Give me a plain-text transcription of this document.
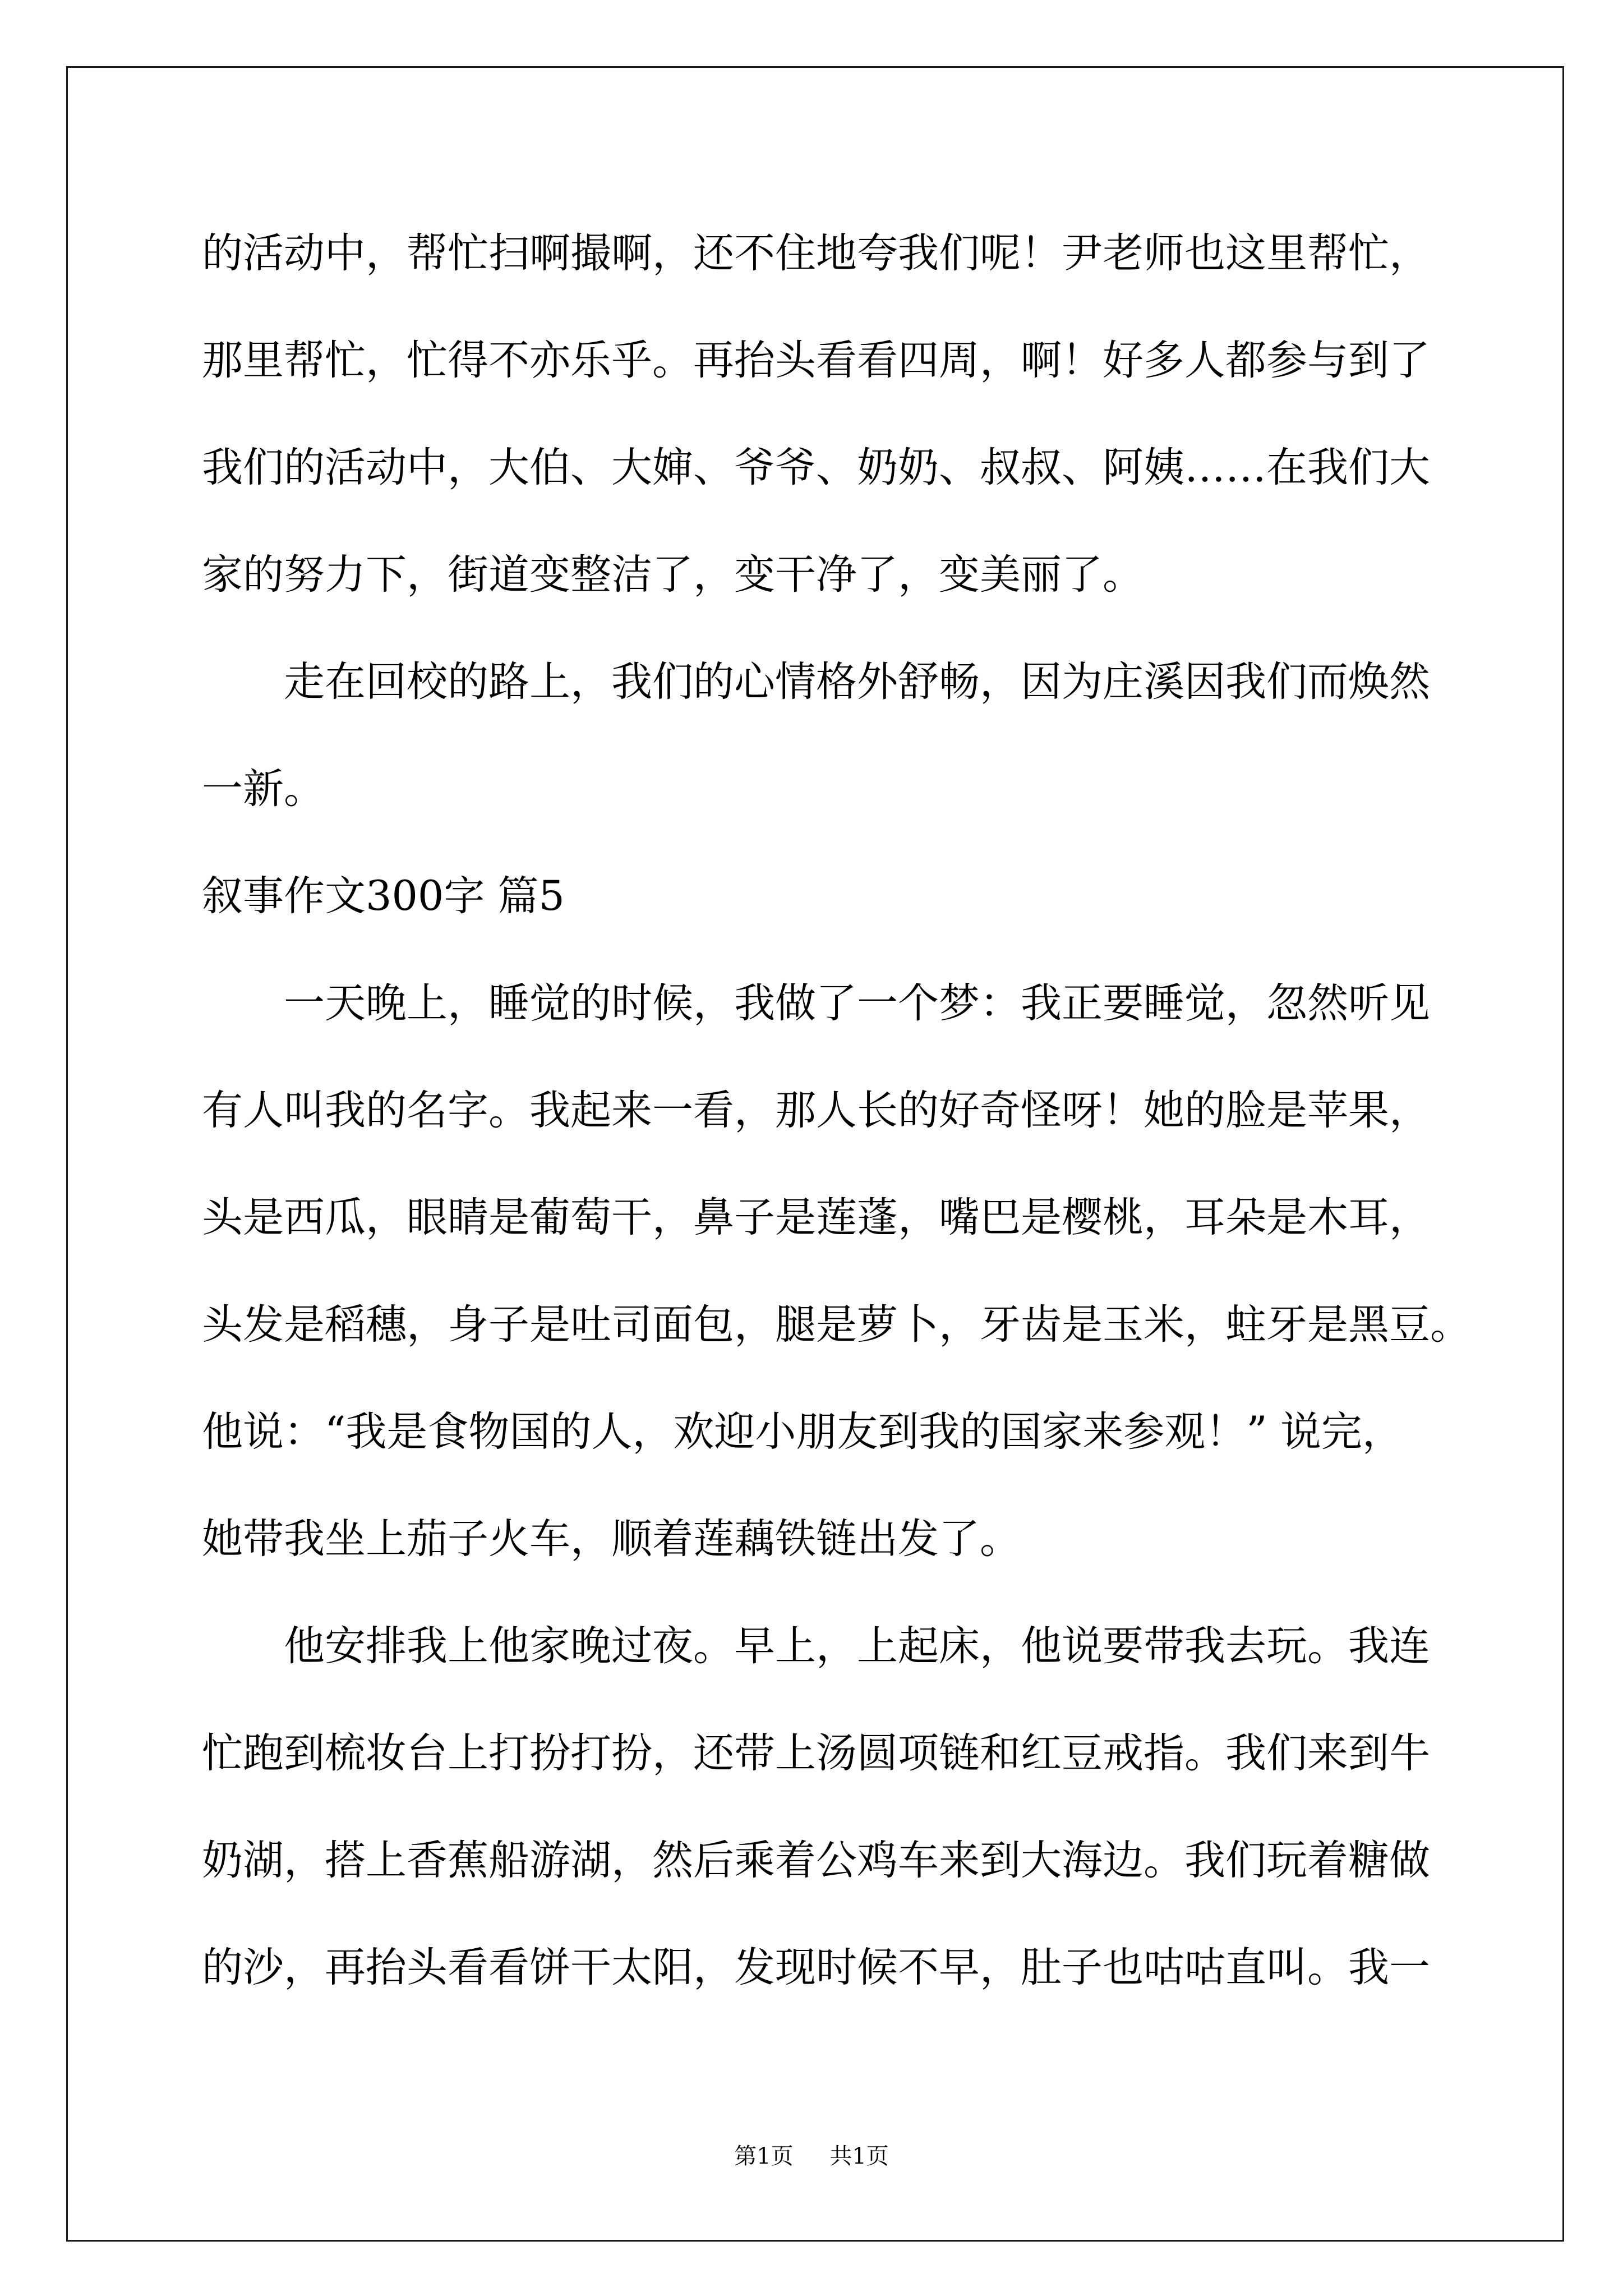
的活动中，帮忙扫啊撮啊，还不住地夸我们呢！尹老师也这里帮忙，
那里帮忙，忙得不亦乐乎。再抬头看看四周，啊！好多人都参与到了
我们的活动中，大伯、大婶、爷爷、奶奶、叔叔、阿姨……在我们大
家的努力下，街道变整洁了，变干净了，变美丽了。
走在回校的路上，我们的心情格外舒畅，因为庄溪因我们而焕然
一新。
叙事作文300字 篇5
一天晚上，睡觉的时候，我做了一个梦：我正要睡觉，忽然听见
有人叫我的名字。我起来一看，那人长的好奇怪呀！她的脸是苹果，
头是西瓜，眼睛是葡萄干，鼻子是莲蓬，嘴巴是樱桃，耳朵是木耳，
头发是稻穗，身子是吐司面包，腿是萝卜，牙齿是玉米，蛀牙是黑豆。
他说：“我是食物国的人，欢迎小朋友到我的国家来参观！” 说完，
她带我坐上茄子火车，顺着莲藕铁链出发了。
他安排我上他家晚过夜。早上，上起床，他说要带我去玩。我连
忙跑到梳妆台上打扮打扮，还带上汤圆项链和红豆戒指。我们来到牛
奶湖，搭上香蕉船游湖，然后乘着公鸡车来到大海边。我们玩着糖做
的沙，再抬头看看饼干太阳，发现时候不早，肚子也咕咕直叫。我一
第1页 共1页
